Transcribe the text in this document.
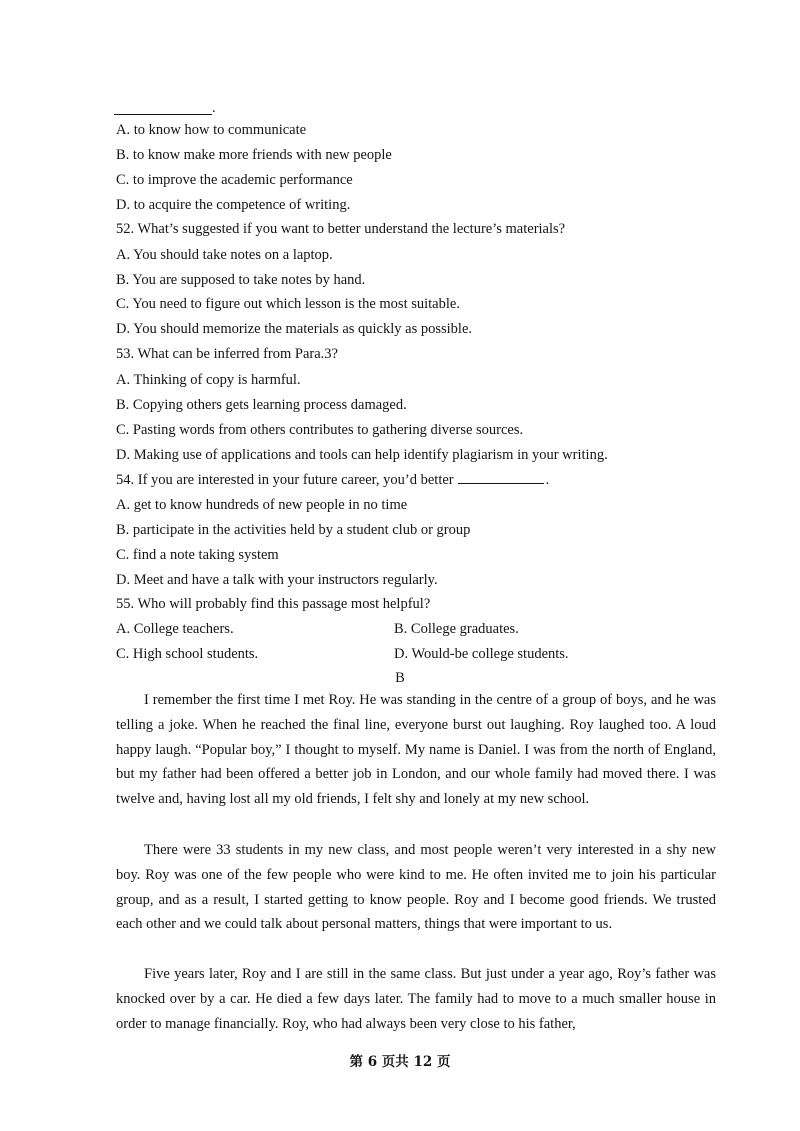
.
A. to know how to communicate
B. to know make more friends with new people
C. to improve the academic performance
D. to acquire the competence of writing.
52. What’s suggested if you want to better understand the lecture’s materials?
A. You should take notes on a laptop.
B. You are supposed to take notes by hand.
C. You need to figure out which lesson is the most suitable.
D. You should memorize the materials as quickly as possible.
53. What can be inferred from Para.3?
A. Thinking of copy is harmful.
B. Copying others gets learning process damaged.
C. Pasting words from others contributes to gathering diverse sources.
D. Making use of applications and tools can help identify plagiarism in your writing.
54. If you are interested in your future career, you’d better	.
A. get to know hundreds of new people in no time
B. participate in the activities held by a student club or group
C. find a note taking system
D. Meet and have a talk with your instructors regularly.
55. Who will probably find this passage most helpful?
A. College teachers.	B. College graduates.
C. High school students.	D. Would-be college students.
B

I remember the first time I met Roy. He was standing in the centre of a group of boys, and he was telling a joke. When he reached the final line, everyone burst out laughing. Roy laughed too. A loud happy laugh. “Popular boy,” I thought to myself. My name is Daniel. I was from the north of England, but my father had been offered a better job in London, and our whole family had moved there. I was twelve and, having lost all my old friends, I felt shy and lonely at my new school.

There were 33 students in my new class, and most people weren’t very interested in a shy new boy. Roy was one of the few people who were kind to me. He often invited me to join his particular group, and as a result, I started getting to know people. Roy and I become good friends. We trusted each other and we could talk about personal matters, things that were important to us.

Five years later, Roy and I are still in the same class. But just under a year ago, Roy’s father was knocked over by a car. He died a few days later. The family had to move to a much smaller house in order to manage financially. Roy, who had always been very close to his father,

第 6 页共 12 页
